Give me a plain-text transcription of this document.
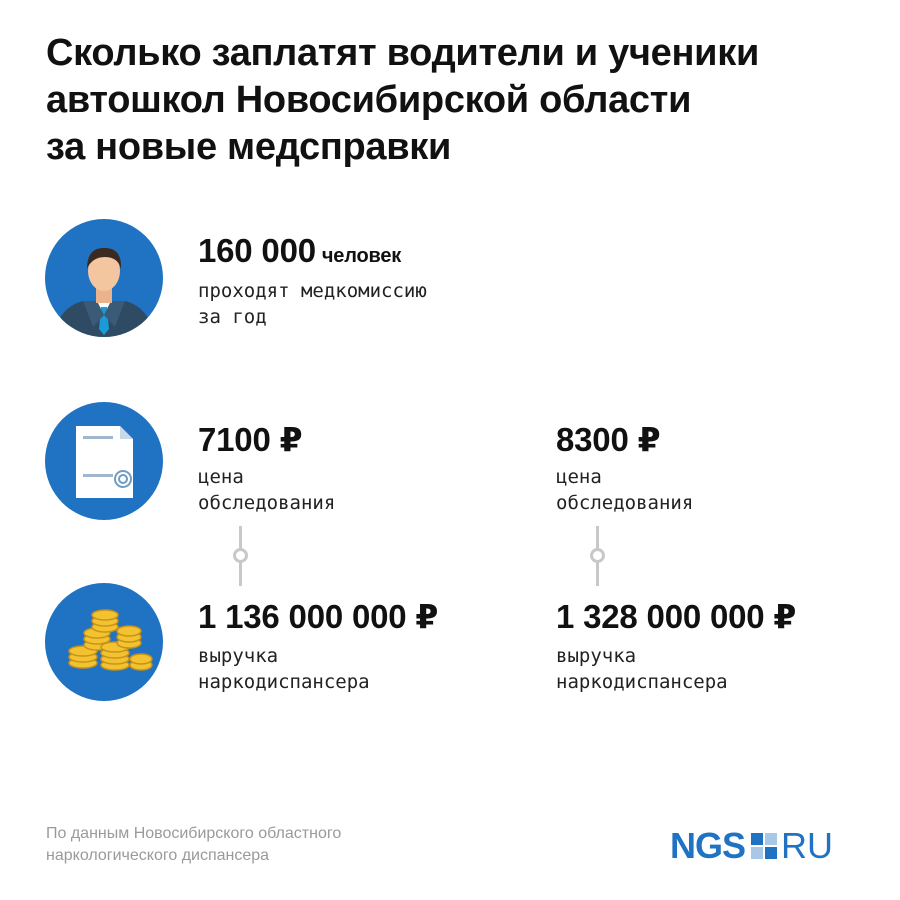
Сколько заплатят водители и ученики
автошкол Новосибирской области
за новые медсправки
160 000 человек
проходят медкомиссию
за год
7100 ₽
цена
обследования
8300 ₽
цена
обследования
1 136 000 000 ₽
выручка
наркодиспансера
1 328 000 000 ₽
выручка
наркодиспансера
По данным Новосибирского областного
наркологического диспансера	NGS RU
